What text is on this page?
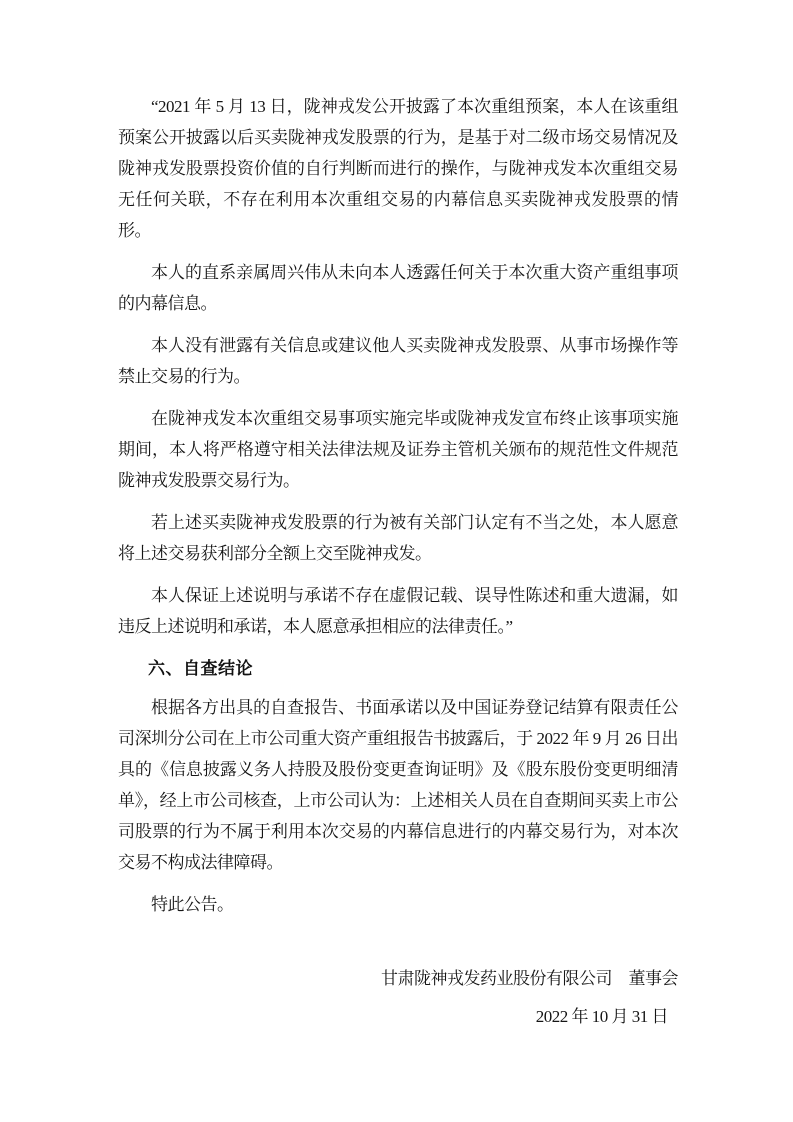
“2021 年 5 月 13 日，陇神戎发公开披露了本次重组预案，本人在该重组预案公开披露以后买卖陇神戎发股票的行为，是基于对二级市场交易情况及陇神戎发股票投资价值的自行判断而进行的操作，与陇神戎发本次重组交易无任何关联，不存在利用本次重组交易的内幕信息买卖陇神戎发股票的情形。

本人的直系亲属周兴伟从未向本人透露任何关于本次重大资产重组事项的内幕信息。

本人没有泄露有关信息或建议他人买卖陇神戎发股票、从事市场操作等禁止交易的行为。

在陇神戎发本次重组交易事项实施完毕或陇神戎发宣布终止该事项实施期间，本人将严格遵守相关法律法规及证券主管机关颁布的规范性文件规范陇神戎发股票交易行为。

若上述买卖陇神戎发股票的行为被有关部门认定有不当之处，本人愿意将上述交易获利部分全额上交至陇神戎发。

本人保证上述说明与承诺不存在虚假记载、误导性陈述和重大遗漏，如违反上述说明和承诺，本人愿意承担相应的法律责任。”

六、自查结论

根据各方出具的自查报告、书面承诺以及中国证券登记结算有限责任公司深圳分公司在上市公司重大资产重组报告书披露后，于 2022 年 9 月 26 日出具的《信息披露义务人持股及股份变更查询证明》及《股东股份变更明细清单》，经上市公司核查，上市公司认为：上述相关人员在自查期间买卖上市公司股票的行为不属于利用本次交易的内幕信息进行的内幕交易行为，对本次交易不构成法律障碍。

特此公告。

甘肃陇神戎发药业股份有限公司　董事会

2022 年 10 月 31 日
